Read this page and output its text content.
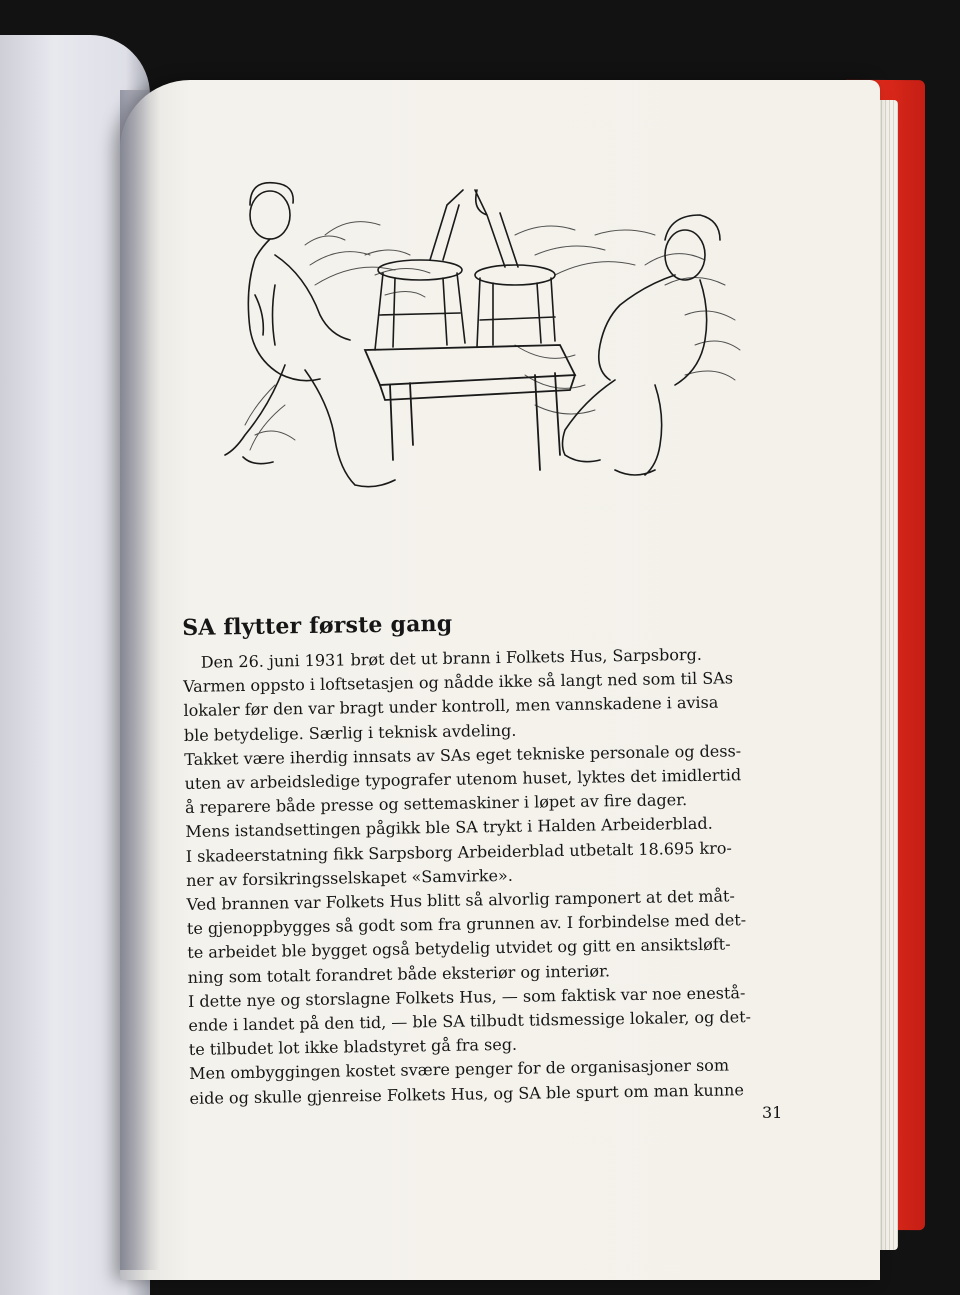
SA flytter første gang

Den 26. juni 1931 brøt det ut brann i Folkets Hus, Sarpsborg.
Varmen oppsto i loftsetasjen og nådde ikke så langt ned som til SAs
lokaler før den var bragt under kontroll, men vannskadene i avisa
ble betydelige. Særlig i teknisk avdeling.
Takket være iherdig innsats av SAs eget tekniske personale og dess-
uten av arbeidsledige typografer utenom huset, lyktes det imidlertid
å reparere både presse og settemaskiner i løpet av fire dager.
Mens istandsettingen pågikk ble SA trykt i Halden Arbeiderblad.
I skadeerstatning fikk Sarpsborg Arbeiderblad utbetalt 18.695 kro-
ner av forsikringsselskapet «Samvirke».
Ved brannen var Folkets Hus blitt så alvorlig ramponert at det måt-
te gjenoppbygges så godt som fra grunnen av. I forbindelse med det-
te arbeidet ble bygget også betydelig utvidet og gitt en ansiktsløft-
ning som totalt forandret både eksteriør og interiør.
I dette nye og storslagne Folkets Hus, — som faktisk var noe enestå-
ende i landet på den tid, — ble SA tilbudt tidsmessige lokaler, og det-
te tilbudet lot ikke bladstyret gå fra seg.
Men ombyggingen kostet svære penger for de organisasjoner som
eide og skulle gjenreise Folkets Hus, og SA ble spurt om man kunne

31
